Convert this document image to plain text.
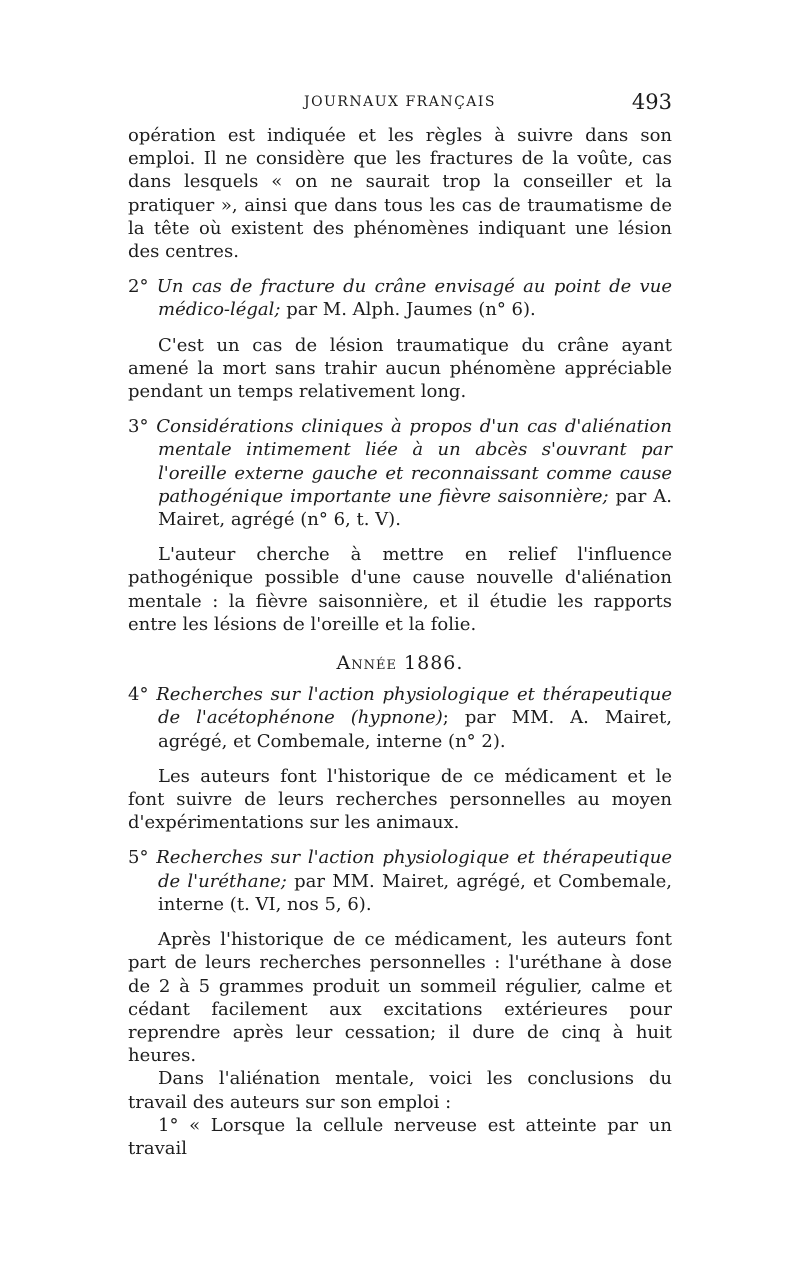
JOURNAUX FRANÇAIS	493

opération est indiquée et les règles à suivre dans son emploi. Il ne considère que les fractures de la voûte, cas dans lesquels « on ne saurait trop la conseiller et la pratiquer », ainsi que dans tous les cas de traumatisme de la tête où existent des phénomènes indiquant une lésion des centres.

2° Un cas de fracture du crâne envisagé au point de vue médico-légal; par M. Alph. Jaumes (n° 6).

C'est un cas de lésion traumatique du crâne ayant amené la mort sans trahir aucun phénomène appréciable pendant un temps relativement long.

3° Considérations cliniques à propos d'un cas d'aliénation mentale intimement liée à un abcès s'ouvrant par l'oreille externe gauche et reconnaissant comme cause pathogénique importante une fièvre saisonnière; par A. Mairet, agrégé (n° 6, t. V).

L'auteur cherche à mettre en relief l'influence pathogénique possible d'une cause nouvelle d'aliénation mentale : la fièvre saisonnière, et il étudie les rapports entre les lésions de l'oreille et la folie.

Année 1886.

4° Recherches sur l'action physiologique et thérapeutique de l'acétophénone (hypnone); par MM. A. Mairet, agrégé, et Combemale, interne (n° 2).

Les auteurs font l'historique de ce médicament et le font suivre de leurs recherches personnelles au moyen d'expérimentations sur les animaux.

5° Recherches sur l'action physiologique et thérapeutique de l'uréthane; par MM. Mairet, agrégé, et Combemale, interne (t. VI, nos 5, 6).

Après l'historique de ce médicament, les auteurs font part de leurs recherches personnelles : l'uréthane à dose de 2 à 5 grammes produit un sommeil régulier, calme et cédant facilement aux excitations extérieures pour reprendre après leur cessation; il dure de cinq à huit heures.

Dans l'aliénation mentale, voici les conclusions du travail des auteurs sur son emploi :

1° « Lorsque la cellule nerveuse est atteinte par un travail
